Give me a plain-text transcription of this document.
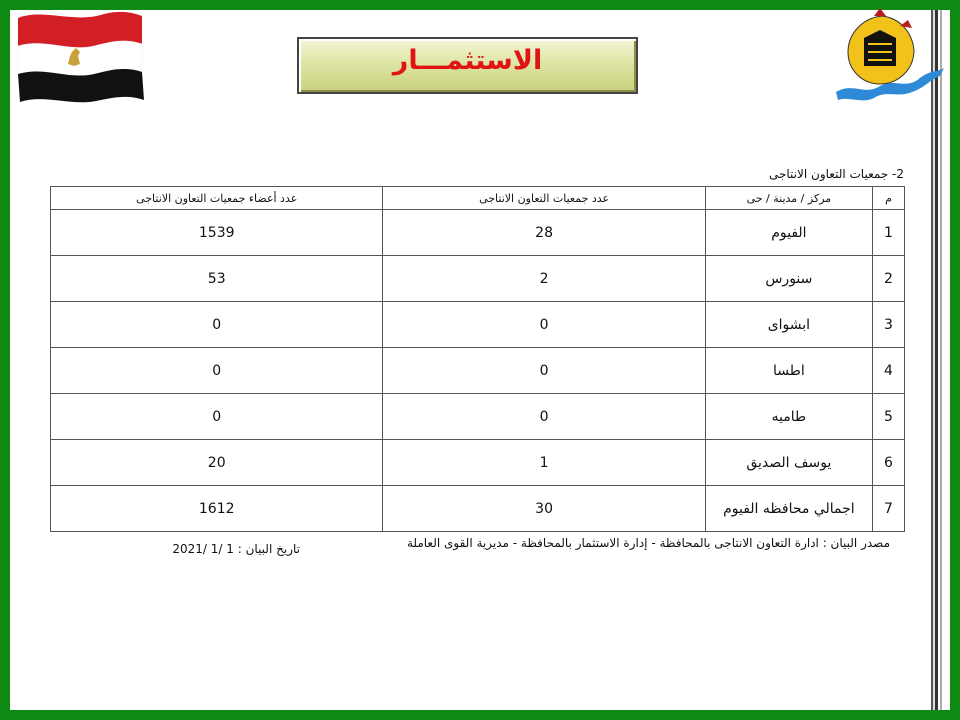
الاستثمـــار
2- جمعيات التعاون الانتاجى
م	مركز / مدينة / حى	عدد جمعيات التعاون الانتاجى	عدد أعضاء جمعيات التعاون الانتاجى
1	الفيوم	28	1539
2	سنورس	2	53
3	ابشواى	0	0
4	اطسا	0	0
5	طاميه	0	0
6	يوسف الصديق	1	20
7	اجمالي محافظه الفيوم	30	1612
مصدر البيان : ادارة التعاون الانتاجى بالمحافظة - إدارة الاستثمار بالمحافظة - مديرية القوى العاملة
تاريخ البيان : 1 /1 /2021
